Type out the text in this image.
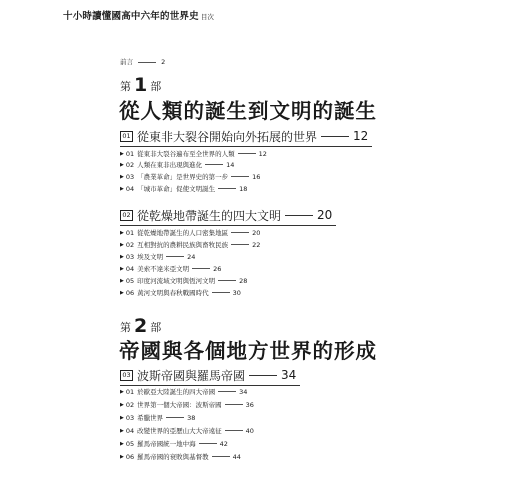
十小時讀懂國高中六年的世界史 目次
前言	2
第 1 部
從人類的誕生到文明的誕生
01 從東非大裂谷開始向外拓展的世界	12
▶ 01 從東非大裂谷遍布至全世界的人類	12
▶ 02 人類在東非出現與進化	14
▶ 03 「農業革命」是世界史的第一步	16
▶ 04 「城市革命」促使文明誕生	18
02 從乾燥地帶誕生的四大文明	20
▶ 01 從乾燥地帶誕生的人口密集地區	20
▶ 02 互相對抗的農耕民族與畜牧民族	22
▶ 03 埃及文明	24
▶ 04 美索不達米亞文明	26
▶ 05 印度河流域文明與恆河文明	28
▶ 06 黃河文明與春秋戰國時代	30
第 2 部
帝國與各個地方世界的形成
03 波斯帝國與羅馬帝國	34
▶ 01 於歐亞大陸誕生的四大帝國	34
▶ 02 世界第一個大帝國：波斯帝國	36
▶ 03 希臘世界	38
▶ 04 改變世界的亞歷山大大帝遠征	40
▶ 05 羅馬帝國統一地中海	42
▶ 06 羅馬帝國的衰敗與基督教	44
